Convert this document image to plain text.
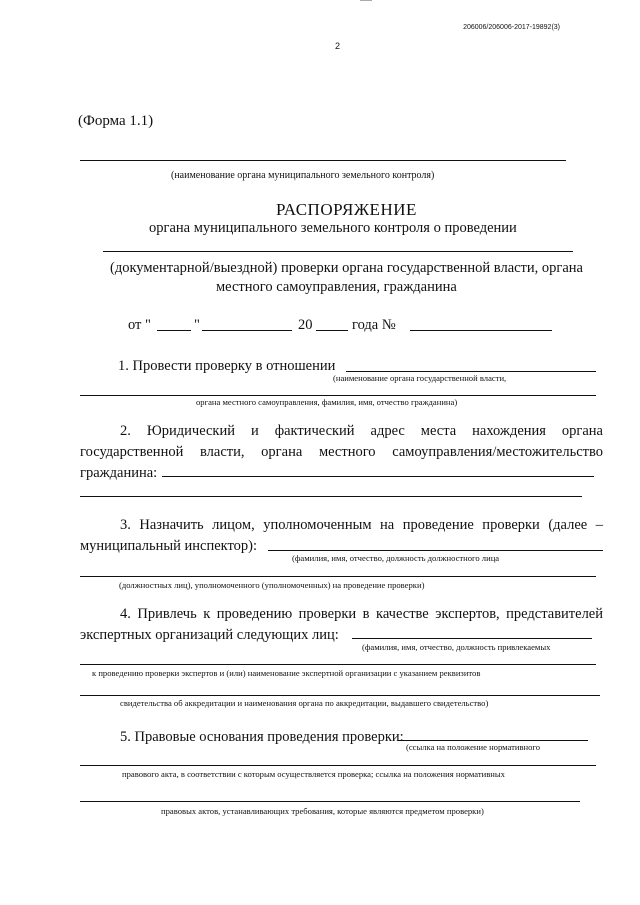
206006/206006-2017-19892(3)
2
(Форма 1.1)
(наименование органа муниципального земельного контроля)
РАСПОРЯЖЕНИЕ
органа муниципального земельного контроля о проведении
(документарной/выездной) проверки органа государственной власти, органа
местного самоуправления, гражданина
от "	"	20	года №
1. Провести проверку в отношении
(наименование органа государственной власти,
органа местного самоуправления, фамилия, имя, отчество гражданина)
2. Юридический и фактический адрес места нахождения органа
государственной власти, органа местного самоуправления/местожительство
гражданина:
3. Назначить лицом, уполномоченным на проведение проверки (далее –
муниципальный инспектор):
(фамилия, имя, отчество, должность должностного лица
(должностных лиц), уполномоченного (уполномоченных) на проведение проверки)
4. Привлечь к проведению проверки в качестве экспертов, представителей
экспертных организаций следующих лиц:
(фамилия, имя, отчество, должность привлекаемых
к проведению проверки экспертов и (или) наименование экспертной организации с указанием реквизитов
свидетельства об аккредитации и наименования органа по аккредитации, выдавшего свидетельство)
5. Правовые основания проведения проверки:
(ссылка на положение нормативного
правового акта, в соответствии с которым осуществляется проверка; ссылка на положения нормативных
правовых актов, устанавливающих требования, которые являются предметом проверки)
